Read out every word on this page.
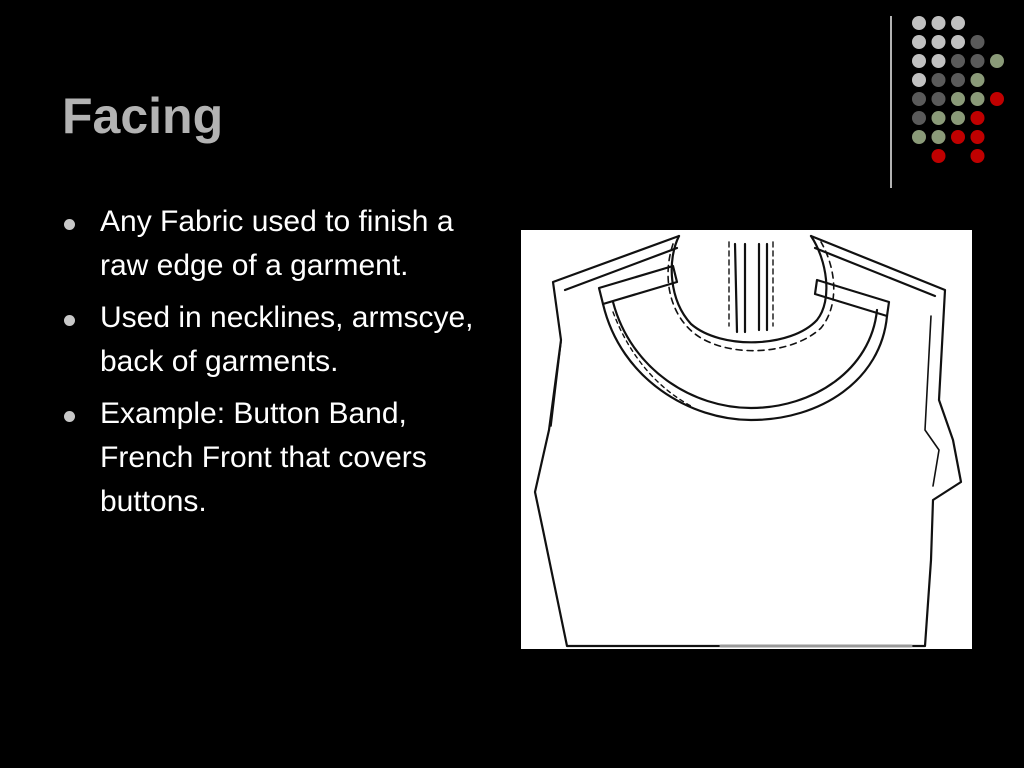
Facing
Any Fabric used to finish a raw edge of a garment.
Used in necklines, armscye, back of garments.
Example: Button Band, French Front that covers buttons.
